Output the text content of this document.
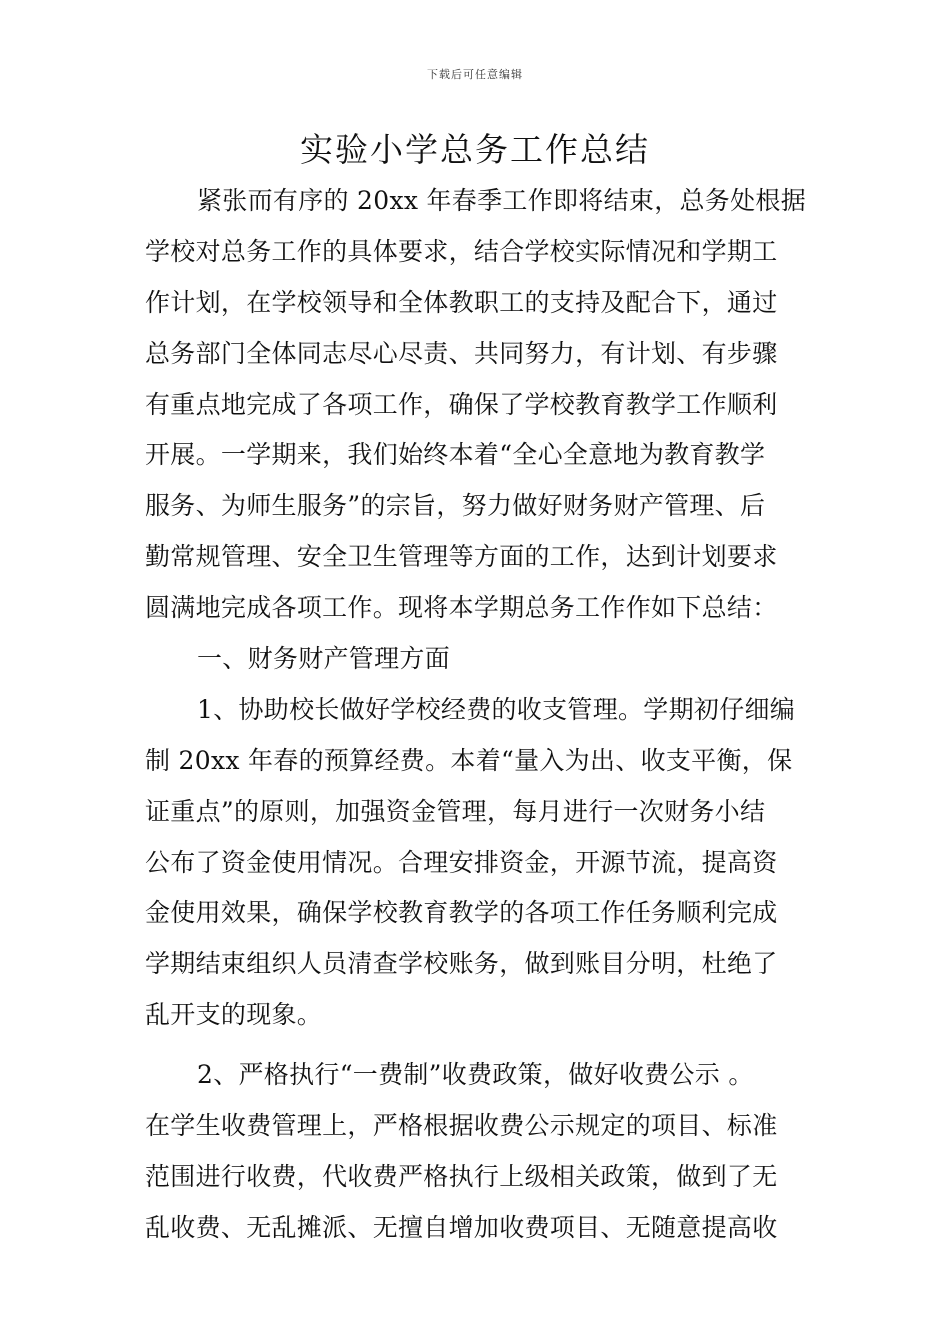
下载后可任意编辑
实验小学总务工作总结
紧张而有序的 20xx 年春季工作即将结束，总务处根据
学校对总务工作的具体要求，结合学校实际情况和学期工
作计划，在学校领导和全体教职工的支持及配合下，通过
总务部门全体同志尽心尽责、共同努力，有计划、有步骤
有重点地完成了各项工作，确保了学校教育教学工作顺利
开展。一学期来，我们始终本着“全心全意地为教育教学
服务、为师生服务”的宗旨，努力做好财务财产管理、后
勤常规管理、安全卫生管理等方面的工作，达到计划要求
圆满地完成各项工作。现将本学期总务工作作如下总结：
一、财务财产管理方面
1、协助校长做好学校经费的收支管理。学期初仔细编
制 20xx 年春的预算经费。本着“量入为出、收支平衡，保
证重点”的原则，加强资金管理，每月进行一次财务小结
公布了资金使用情况。合理安排资金，开源节流，提高资
金使用效果，确保学校教育教学的各项工作任务顺利完成
学期结束组织人员清查学校账务，做到账目分明，杜绝了
乱开支的现象。
2、严格执行“一费制”收费政策，做好收费公示 。
在学生收费管理上，严格根据收费公示规定的项目、标准
范围进行收费，代收费严格执行上级相关政策，做到了无
乱收费、无乱摊派、无擅自增加收费项目、无随意提高收
